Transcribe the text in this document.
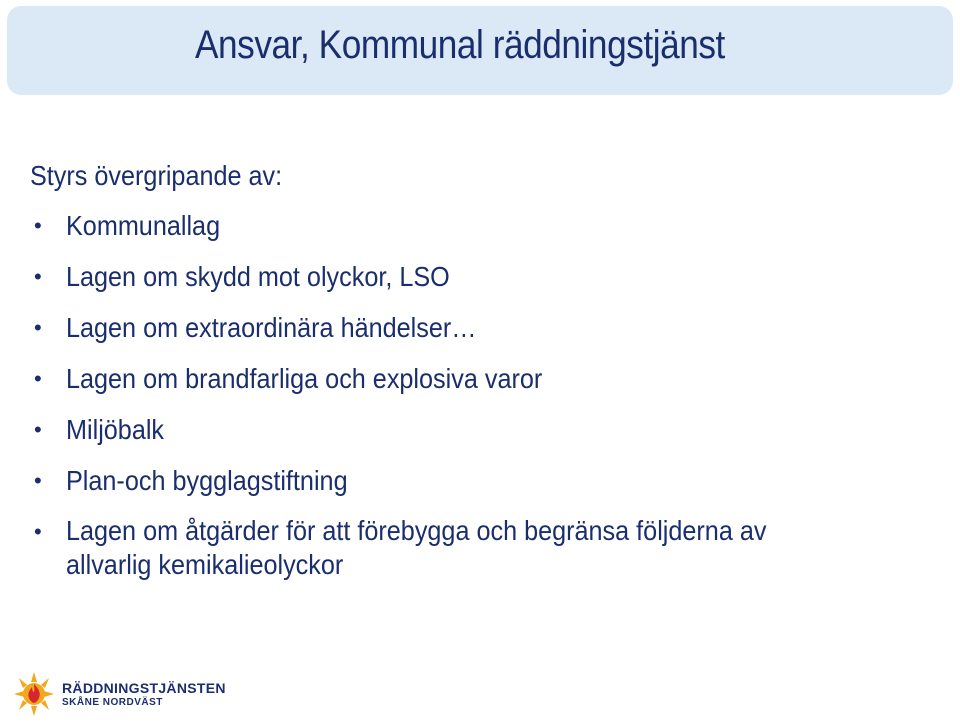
Ansvar, Kommunal räddningstjänst
Styrs övergripande av:
• Kommunallag
• Lagen om skydd mot olyckor, LSO
• Lagen om extraordinära händelser…
• Lagen om brandfarliga och explosiva varor
• Miljöbalk
• Plan-och bygglagstiftning
• Lagen om åtgärder för att förebygga och begränsa följderna av allvarlig kemikalieolyckor
RÄDDNINGSTJÄNSTEN
SKÅNE NORDVÄST
